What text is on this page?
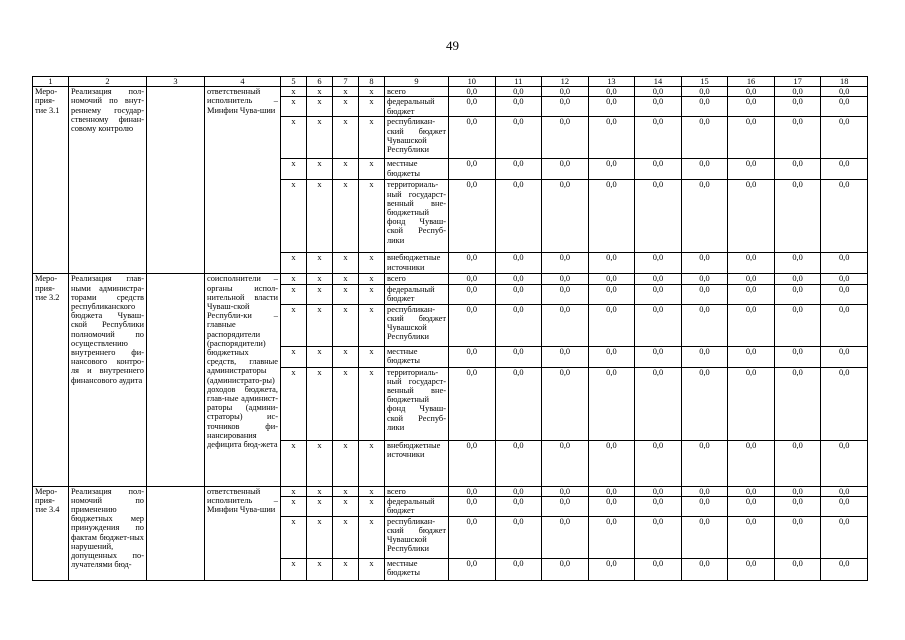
49
1	2	3	4	5	6	7	8	9	10	11	12	13	14	15	16	17	18
Меро-прия-тие 3.1	Реализация пол-номочий по внут-реннему государ-ственному финан-совому контролю		ответственный исполнитель – Минфин Чува-шии	x	x	x	x	всего	0,0	0,0	0,0	0,0	0,0	0,0	0,0	0,0	0,0
				x	x	x	x	федеральный бюджет	0,0	0,0	0,0	0,0	0,0	0,0	0,0	0,0	0,0
				x	x	x	x	республикан-ский бюджет Чувашской Республики	0,0	0,0	0,0	0,0	0,0	0,0	0,0	0,0	0,0
				x	x	x	x	местные бюджеты	0,0	0,0	0,0	0,0	0,0	0,0	0,0	0,0	0,0
				x	x	x	x	территориаль-ный государст-венный вне-бюджетный фонд Чуваш-ской Респуб-лики	0,0	0,0	0,0	0,0	0,0	0,0	0,0	0,0	0,0
				x	x	x	x	внебюджетные источники	0,0	0,0	0,0	0,0	0,0	0,0	0,0	0,0	0,0
Меро-прия-тие 3.2	Реализация глав-ными администра-торами средств республиканского бюджета Чуваш-ской Республики полномочий по осуществлению внутреннего фи-нансового контро-ля и внутреннего финансового аудита		соисполнители – органы испол-нительной власти Чуваш-ской Республи-ки – главные распорядители (распорядители) бюджетных средств, главные администраторы (администрато-ры) доходов бюджета, глав-ные админист-раторы (админи-страторы) ис-точников фи-нансирования дефицита бюд-жета	x	x	x	x	всего	0,0	0,0	0,0	0,0	0,0	0,0	0,0	0,0	0,0
				x	x	x	x	федеральный бюджет	0,0	0,0	0,0	0,0	0,0	0,0	0,0	0,0	0,0
				x	x	x	x	республикан-ский бюджет Чувашской Республики	0,0	0,0	0,0	0,0	0,0	0,0	0,0	0,0	0,0
				x	x	x	x	местные бюджеты	0,0	0,0	0,0	0,0	0,0	0,0	0,0	0,0	0,0
				x	x	x	x	территориаль-ный государст-венный вне-бюджетный фонд Чуваш-ской Респуб-лики	0,0	0,0	0,0	0,0	0,0	0,0	0,0	0,0	0,0
				x	x	x	x	внебюджетные источники	0,0	0,0	0,0	0,0	0,0	0,0	0,0	0,0	0,0
Меро-прия-тие 3.4	Реализация пол-номочий по применению бюджетных мер принуждения по фактам бюджет-ных нарушений, допущенных по-лучателями бюд-		ответственный исполнитель – Минфин Чува-шии	x	x	x	x	всего	0,0	0,0	0,0	0,0	0,0	0,0	0,0	0,0	0,0
				x	x	x	x	федеральный бюджет	0,0	0,0	0,0	0,0	0,0	0,0	0,0	0,0	0,0
				x	x	x	x	республикан-ский бюджет Чувашской Республики	0,0	0,0	0,0	0,0	0,0	0,0	0,0	0,0	0,0
				x	x	x	x	местные бюджеты	0,0	0,0	0,0	0,0	0,0	0,0	0,0	0,0	0,0
